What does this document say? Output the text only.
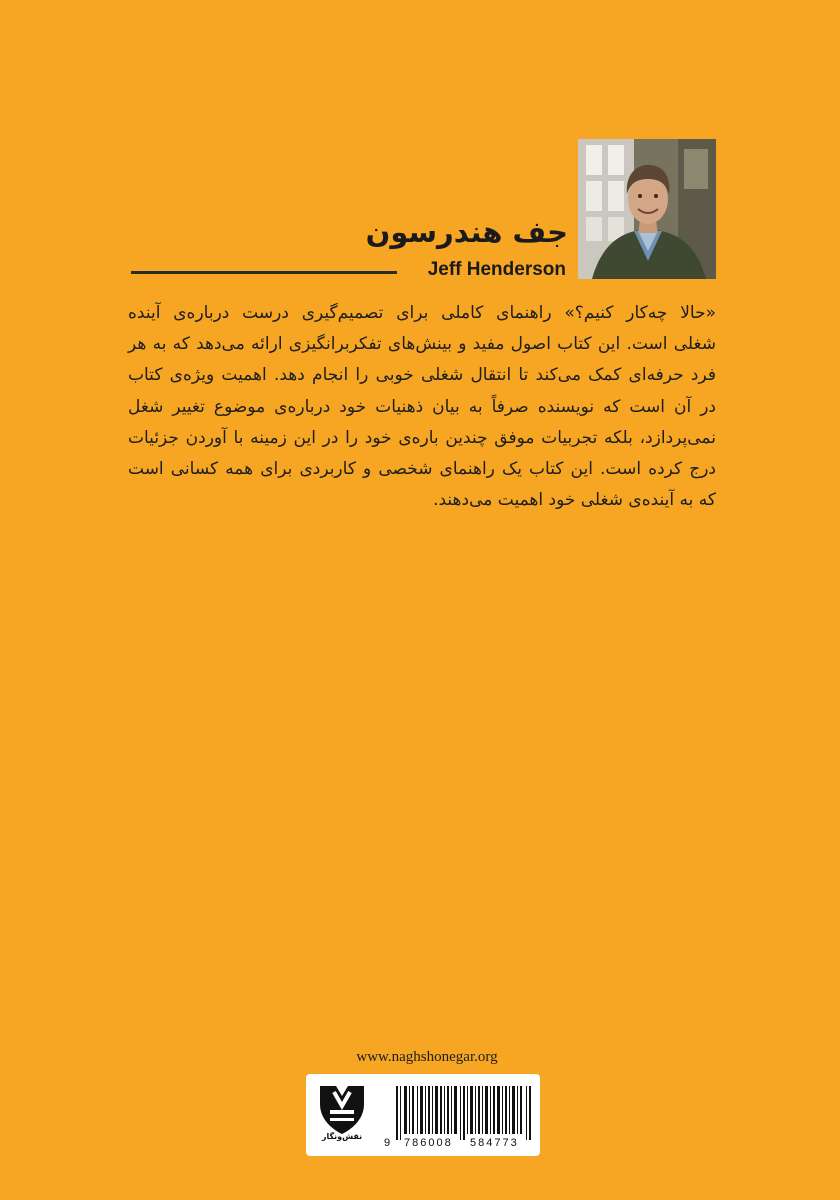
جف هندرسون
Jeff Henderson
«حالا چه‌کار کنیم؟» راهنمای کاملی برای تصمیم‌گیری درست درباره‌ی آینده
شغلی است. این کتاب اصول مفید و بینش‌های تفکربرانگیزی ارائه می‌دهد که به هر
فرد حرفه‌ای کمک می‌کند تا انتقال شغلی خوبی را انجام دهد. اهمیت ویژه‌ی کتاب
در آن است که نویسنده صرفاً به بیان ذهنیات خود درباره‌ی موضوع تغییر شغل
نمی‌پردازد، بلکه تجربیات موفق چندین باره‌ی خود را در این زمینه با آوردن جزئیات
درج کرده است. این کتاب یک راهنمای شخصی و کاربردی برای همه کسانی است
که به آینده‌ی شغلی خود اهمیت می‌دهند.
www.naghshonegar.org
نقش‌ونگار
9 786008 584773
